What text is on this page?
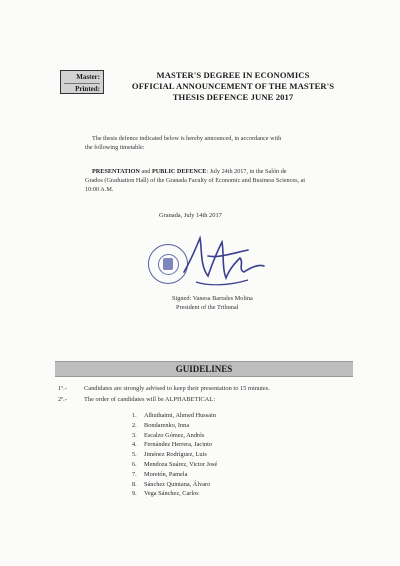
Master:
Printed:
MASTER'S DEGREE IN ECONOMICS
OFFICIAL ANNOUNCEMENT OF THE MASTER'S
THESIS DEFENCE JUNE 2017
The thesis defence indicated below is hereby announced, in accordance with
the following timetable:
PRESENTATION and PUBLIC DEFENCE: July 24th 2017, in the Salón de
Grados (Graduation Hall) of the Granada Faculty of Economic and Business Sciences, at
10:00 A.M.
Granada, July 14th 2017
Signed: Vanesa Barrales Molina
President of the Tribunal
GUIDELINES
1º.-	Candidates are strongly advised to keep their presentation to 15 minutes.
2º.-	The order of candidates will be ALPHABETICAL:
1. Alhuthaimi, Ahmed Hussain
2. Bondarenko, Inna
3. Escalzo Gómez, Andrés
4. Fernández Herrera, Jacinto
5. Jiménez Rodríguez, Luis
6. Mendoza Suárez, Victor José
7. Moretón, Pamela
8. Sánchez Quintana, Álvaro
9. Vega Sánchez, Carlos
